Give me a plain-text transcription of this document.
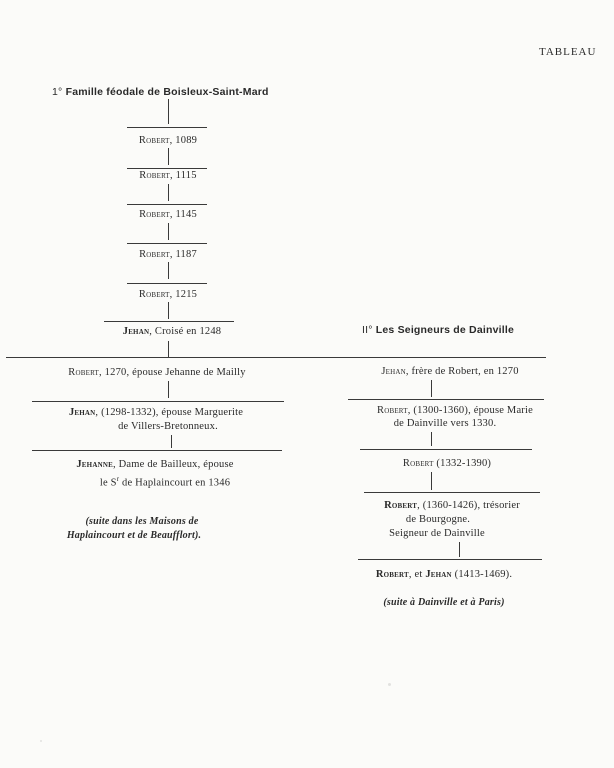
TABLEAU
1° Famille féodale de Boisleux-Saint-Mard
Robert, 1089
Robert, 1115
Robert, 1145
Robert, 1187
Robert, 1215
Jehan, Croisé en 1248
Robert, 1270, épouse Jehanne de Mailly
Jehan, (1298-1332), épouse Marguerite
de Villers-Bretonneux.
Jehanne, Dame de Bailleux, épouse
le $S^r$ de Haplaincourt en 1346
(suite dans les Maisons de
Haplaincourt et de Beaufflort).
II° Les Seigneurs de Dainville
Jehan, frère de Robert, en 1270
Robert, (1300-1360), épouse Marie
de Dainville vers 1330.
Robert (1332-1390)
Robert, (1360-1426), trésorier
de Bourgogne.
Seigneur de Dainville
Robert, et Jehan (1413-1469).
(suite à Dainville et à Paris)
